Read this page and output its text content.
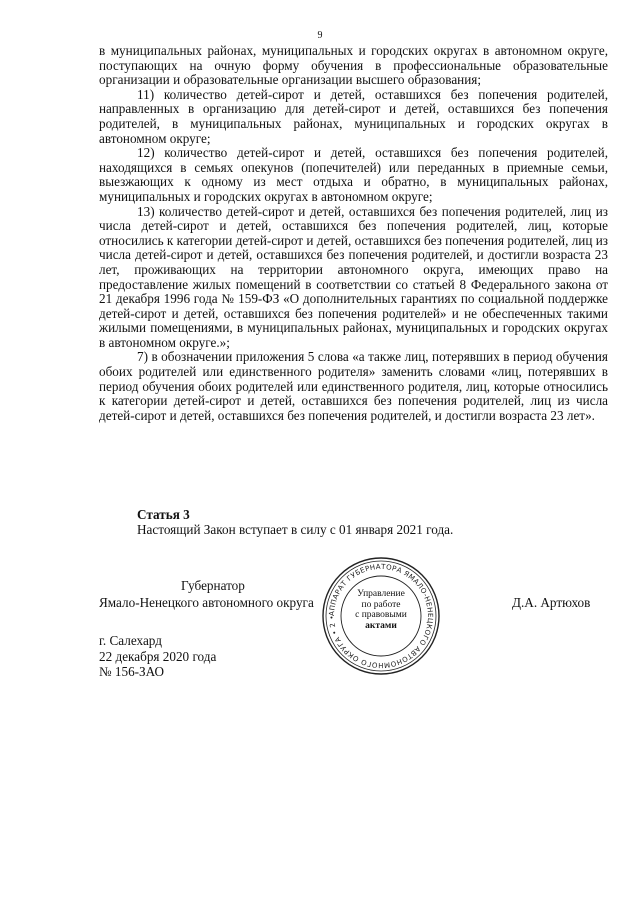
9

в муниципальных районах, муниципальных и городских округах в автономном округе, поступающих на очную форму обучения в профессиональные образовательные организации и образовательные организации высшего образования;

11) количество детей-сирот и детей, оставшихся без попечения родителей, направленных в организацию для детей-сирот и детей, оставшихся без попечения родителей, в муниципальных районах, муниципальных и городских округах в автономном округе;

12) количество детей-сирот и детей, оставшихся без попечения родителей, находящихся в семьях опекунов (попечителей) или переданных в приемные семьи, выезжающих к одному из мест отдыха и обратно, в муниципальных районах, муниципальных и городских округах в автономном округе;

13) количество детей-сирот и детей, оставшихся без попечения родителей, лиц из числа детей-сирот и детей, оставшихся без попечения родителей, лиц, которые относились к категории детей-сирот и детей, оставшихся без попечения родителей, лиц из числа детей-сирот и детей, оставшихся без попечения родителей, и достигли возраста 23 лет, проживающих на территории автономного округа, имеющих право на предоставление жилых помещений в соответствии со статьей 8 Федерального закона от 21 декабря 1996 года № 159-ФЗ «О дополнительных гарантиях по социальной поддержке детей-сирот и детей, оставшихся без попечения родителей» и не обеспеченных такими жилыми помещениями, в муниципальных районах, муниципальных и городских округах в автономном округе.»;

7) в обозначении приложения 5 слова «а также лиц, потерявших в период обучения обоих родителей или единственного родителя» заменить словами «лиц, потерявших в период обучения обоих родителей или единственного родителя, лиц, которые относились к категории детей-сирот и детей, оставшихся без попечения родителей, лиц из числа детей-сирот и детей, оставшихся без попечения родителей, и достигли возраста 23 лет».

Статья 3
Настоящий Закон вступает в силу с 01 января 2021 года.
Губернатор
Ямало-Ненецкого автономного округа	Д.А. Артюхов
АППАРАТ ГУБЕРНАТОРА ЯМАЛО-НЕНЕЦКОГО АВТОНОМНОГО ОКРУГА • 2 •
Управление
по работе
с правовыми
актами
г. Салехард
22 декабря 2020 года
№ 156-ЗАО
